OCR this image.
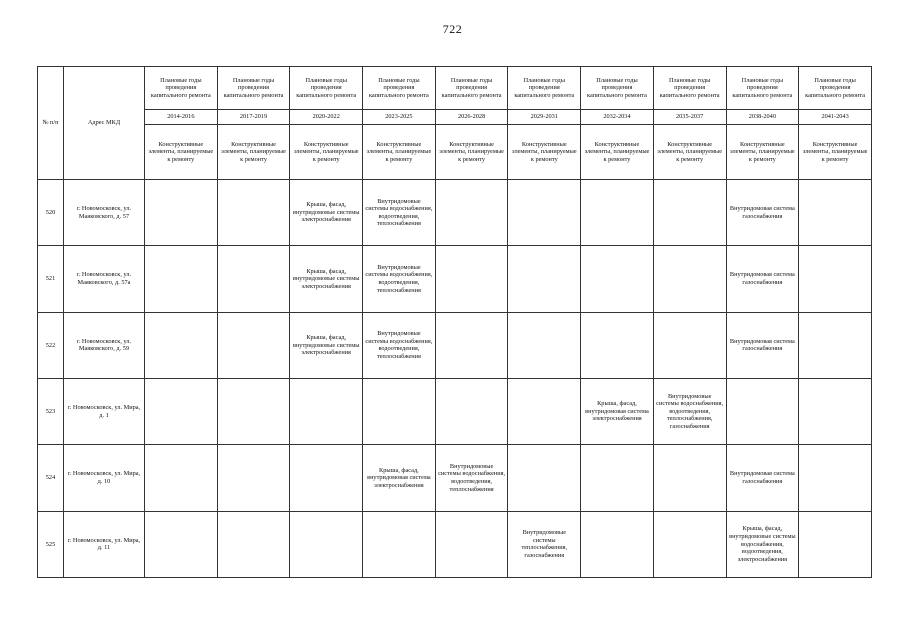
722
№ п/п	Адрес МКД	Плановые годы проведения капитального ремонта	Плановые годы проведения капитального ремонта	Плановые годы проведения капитального ремонта	Плановые годы проведения капитального ремонта	Плановые годы проведения капитального ремонта	Плановые годы проведения капитального ремонта	Плановые годы проведения капитального ремонта	Плановые годы проведения капитального ремонта	Плановые годы проведения капитального ремонта	Плановые годы проведения капитального ремонта
		2014-2016	2017-2019	2020-2022	2023-2025	2026-2028	2029-2031	2032-2034	2035-2037	2038-2040	2041-2043
		Конструктивные элементы, планируемые к ремонту	Конструктивные элементы, планируемые к ремонту	Конструктивные элементы, планируемые к ремонту	Конструктивные элементы, планируемые к ремонту	Конструктивные элементы, планируемые к ремонту	Конструктивные элементы, планируемые к ремонту	Конструктивные элементы, планируемые к ремонту	Конструктивные элементы, планируемые к ремонту	Конструктивные элементы, планируемые к ремонту	Конструктивные элементы, планируемые к ремонту
520	г. Новомосковск, ул. Маяковского, д. 57			Крыша, фасад, внутридомовые системы электроснабжения	Внутридомовые системы водоснабжения, водоотведения, теплоснабжения					Внутридомовая система газоснабжения	
521	г. Новомосковск, ул. Маяковского, д. 57а			Крыша, фасад, внутридомовые системы электроснабжения	Внутридомовые системы водоснабжения, водоотведения, теплоснабжения					Внутридомовая система газоснабжения	
522	г. Новомосковск, ул. Маяковского, д. 59			Крыша, фасад, внутридомовые системы электроснабжения	Внутридомовые системы водоснабжения, водоотведения, теплоснабжения					Внутридомовая система газоснабжения	
523	г. Новомосковск, ул. Мира, д. 1							Крыша, фасад, внутридомовая система электроснабжения	Внутридомовые системы водоснабжения, водоотведения, теплоснабжения, газоснабжения		
524	г. Новомосковск, ул. Мира, д. 10				Крыша, фасад, внутридомовая система электроснабжения	Внутридомовые системы водоснабжения, водоотведения, теплоснабжения				Внутридомовая система газоснабжения	
525	г. Новомосковск, ул. Мира, д. 11						Внутридомовые системы теплоснабжения, газоснабжения			Крыша, фасад, внутридомовые системы водоснабжения, водоотведения, электроснабжения	
